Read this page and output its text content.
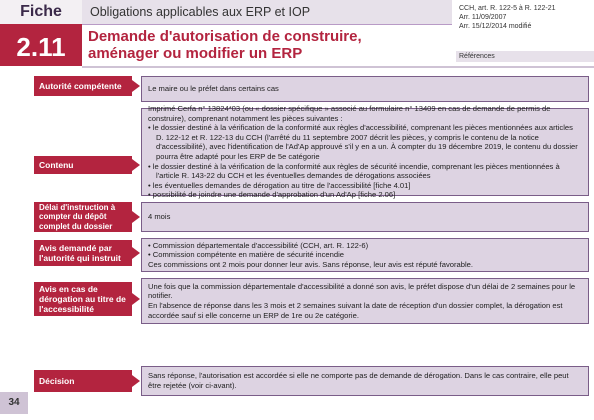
Fiche
2.11
Obligations applicables aux ERP et IOP
Demande d'autorisation de construire,
aménager ou modifier un ERP
CCH, art. R. 122-5 à R. 122-21
Arr. 11/09/2007
Arr. 15/12/2014 modifié
Références
Autorité compétente	Le maire ou le préfet dans certains cas
Contenu
Imprimé Cerfa n° 13824*03 (ou « dossier spécifique » associé au formulaire n° 13409 en cas de demande de permis de construire), comprenant notamment les pièces suivantes :
• le dossier destiné à la vérification de la conformité aux règles d'accessibilité, comprenant les pièces mentionnées aux articles D. 122-12 et R. 122-13 du CCH (l'arrêté du 11 septembre 2007 décrit les pièces, y compris le contenu de la notice d'accessibilité), avec l'identification de l'Ad'Ap approuvé s'il y en a un. À compter du 19 décembre 2019, le contenu du dossier pourra être adapté pour les ERP de 5e catégorie
• le dossier destiné à la vérification de la conformité aux règles de sécurité incendie, comprenant les pièces mentionnées à l'article R. 143-22 du CCH et les éventuelles demandes de dérogations associées
• les éventuelles demandes de dérogation au titre de l'accessibilité [fiche 4.01]
• possibilité de joindre une demande d'approbation d'un Ad'Ap [fiche 2.06]
Délai d'instruction à compter du dépôt complet du dossier
4 mois
Avis demandé par l'autorité qui instruit
• Commission départementale d'accessibilité (CCH, art. R. 122-6)
• Commission compétente en matière de sécurité incendie
Ces commissions ont 2 mois pour donner leur avis. Sans réponse, leur avis est réputé favorable.
Avis en cas de dérogation au titre de l'accessibilité
Une fois que la commission départementale d'accessibilité a donné son avis, le préfet dispose d'un délai de 2 semaines pour le notifier.
En l'absence de réponse dans les 3 mois et 2 semaines suivant la date de réception d'un dossier complet, la dérogation est accordée sauf si elle concerne un ERP de 1re ou 2e catégorie.
Décision
Sans réponse, l'autorisation est accordée si elle ne comporte pas de demande de dérogation. Dans le cas contraire, elle peut être rejetée (voir ci-avant).
34
